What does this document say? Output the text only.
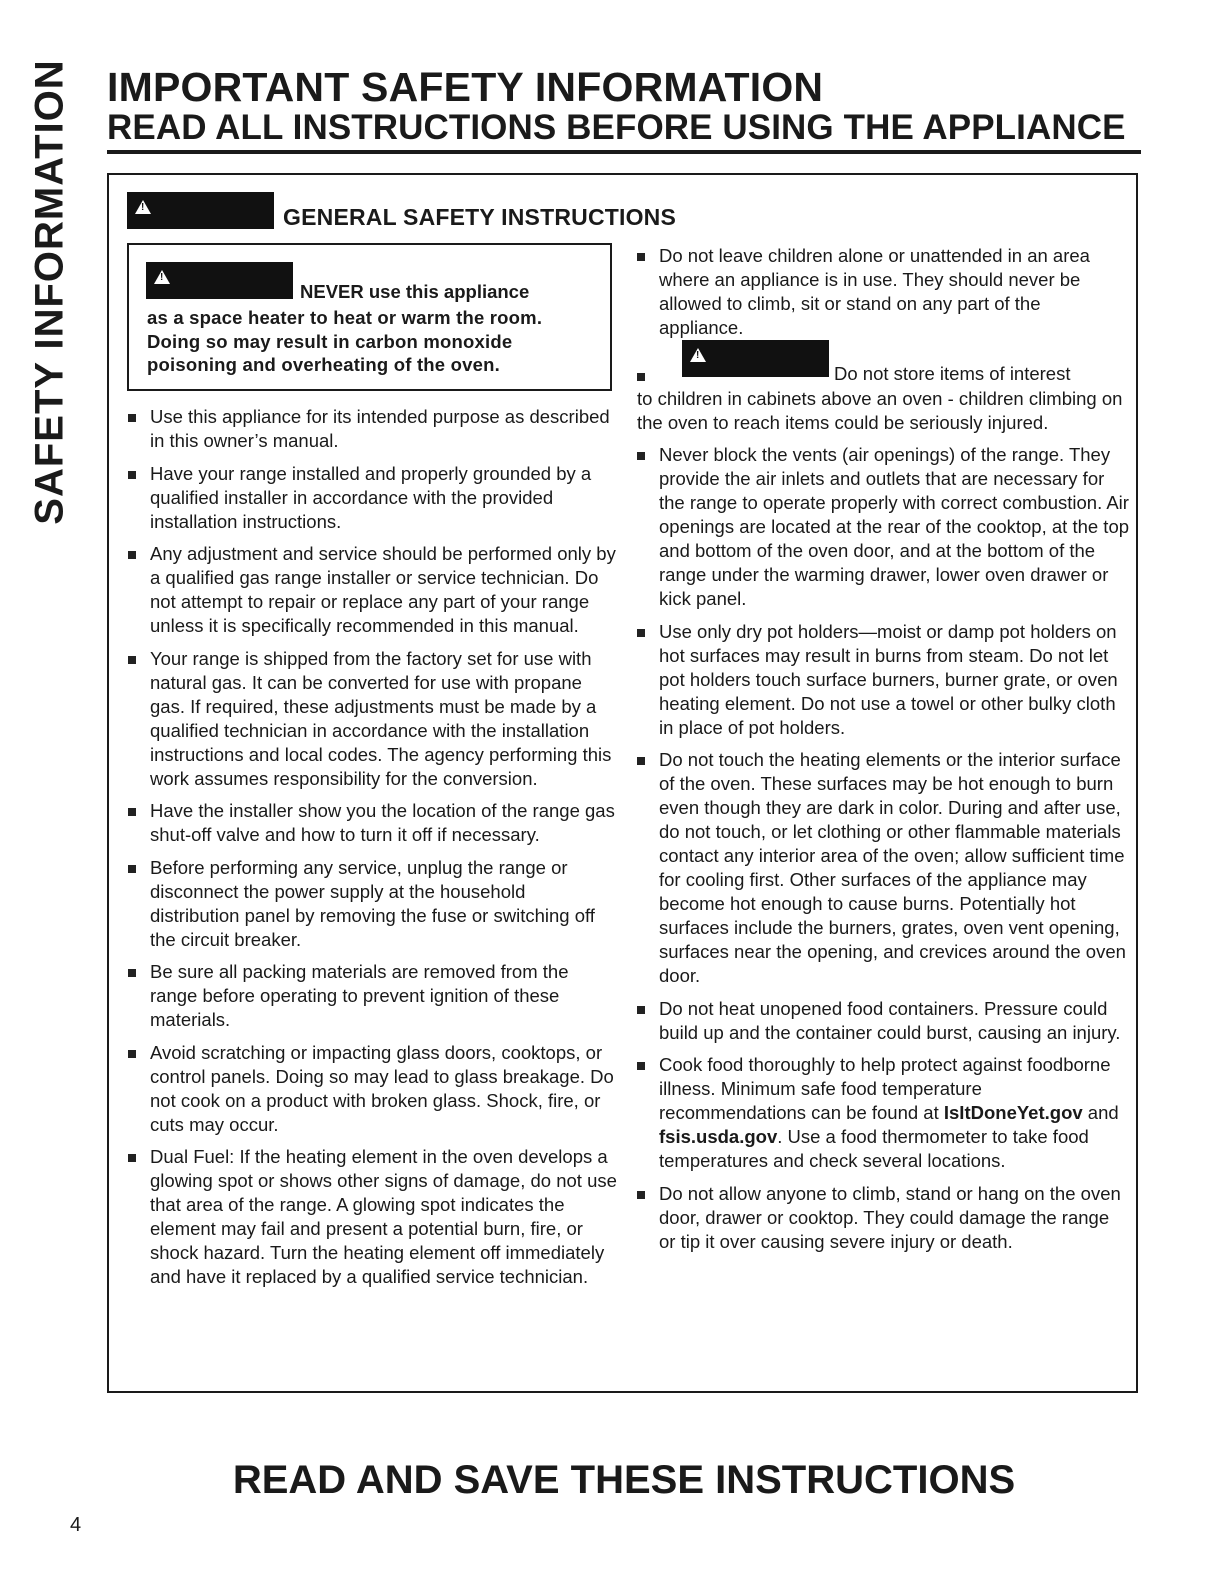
SAFETY INFORMATION IMPORTANT SAFETY INFORMATION
READ ALL INSTRUCTIONS BEFORE USING THE APPLIANCE
!
GENERAL SAFETY INSTRUCTIONS
!
NEVER use this appliance
as a space heater to heat or warm the room. Doing so may result in carbon monoxide poisoning and overheating of the oven.
Use this appliance for its intended purpose as described in this owner’s manual.
Have your range installed and properly grounded by a qualified installer in accordance with the provided installation instructions.
Any adjustment and service should be performed only by a qualified gas range installer or service technician. Do not attempt to repair or replace any part of your range unless it is specifically recommended in this manual.
Your range is shipped from the factory set for use with natural gas. It can be converted for use with propane gas. If required, these adjustments must be made by a qualified technician in accordance with the installation instructions and local codes. The agency performing this work assumes responsibility for the conversion.
Have the installer show you the location of the range gas shut-off valve and how to turn it off if necessary.
Before performing any service, unplug the range or disconnect the power supply at the household distribution panel by removing the fuse or switching off the circuit breaker.
Be sure all packing materials are removed from the range before operating to prevent ignition of these materials.
Avoid scratching or impacting glass doors, cooktops, or control panels. Doing so may lead to glass breakage. Do not cook on a product with broken glass. Shock, fire, or cuts may occur.
Dual Fuel: If the heating element in the oven develops a glowing spot or shows other signs of damage, do not use that area of the range. A glowing spot indicates the element may fail and present a potential burn, fire, or shock hazard. Turn the heating element off immediately and have it replaced by a qualified service technician.
Do not leave children alone or unattended in an area where an appliance is in use. They should never be allowed to climb, sit or stand on any part of the appliance.
!
Do not store items of interest
to children in cabinets above an oven - children climbing on the oven to reach items could be seriously injured.
Never block the vents (air openings) of the range. They provide the air inlets and outlets that are necessary for the range to operate properly with correct combustion. Air openings are located at the rear of the cooktop, at the top and bottom of the oven door, and at the bottom of the range under the warming drawer, lower oven drawer or kick panel.
Use only dry pot holders—moist or damp pot holders on hot surfaces may result in burns from steam. Do not let pot holders touch surface burners, burner grate, or oven heating element. Do not use a towel or other bulky cloth in place of pot holders.
Do not touch the heating elements or the interior surface of the oven. These surfaces may be hot enough to burn even though they are dark in color. During and after use, do not touch, or let clothing or other flammable materials contact any interior area of the oven; allow sufficient time for cooling first. Other surfaces of the appliance may become hot enough to cause burns. Potentially hot surfaces include the burners, grates, oven vent opening, surfaces near the opening, and crevices around the oven door.
Do not heat unopened food containers. Pressure could build up and the container could burst, causing an injury.
Cook food thoroughly to help protect against foodborne illness. Minimum safe food temperature recommendations can be found at IsItDoneYet.gov and fsis.usda.gov. Use a food thermometer to take food temperatures and check several locations.
Do not allow anyone to climb, stand or hang on the oven door, drawer or cooktop. They could damage the range or tip it over causing severe injury or death.
READ AND SAVE THESE INSTRUCTIONS
4
